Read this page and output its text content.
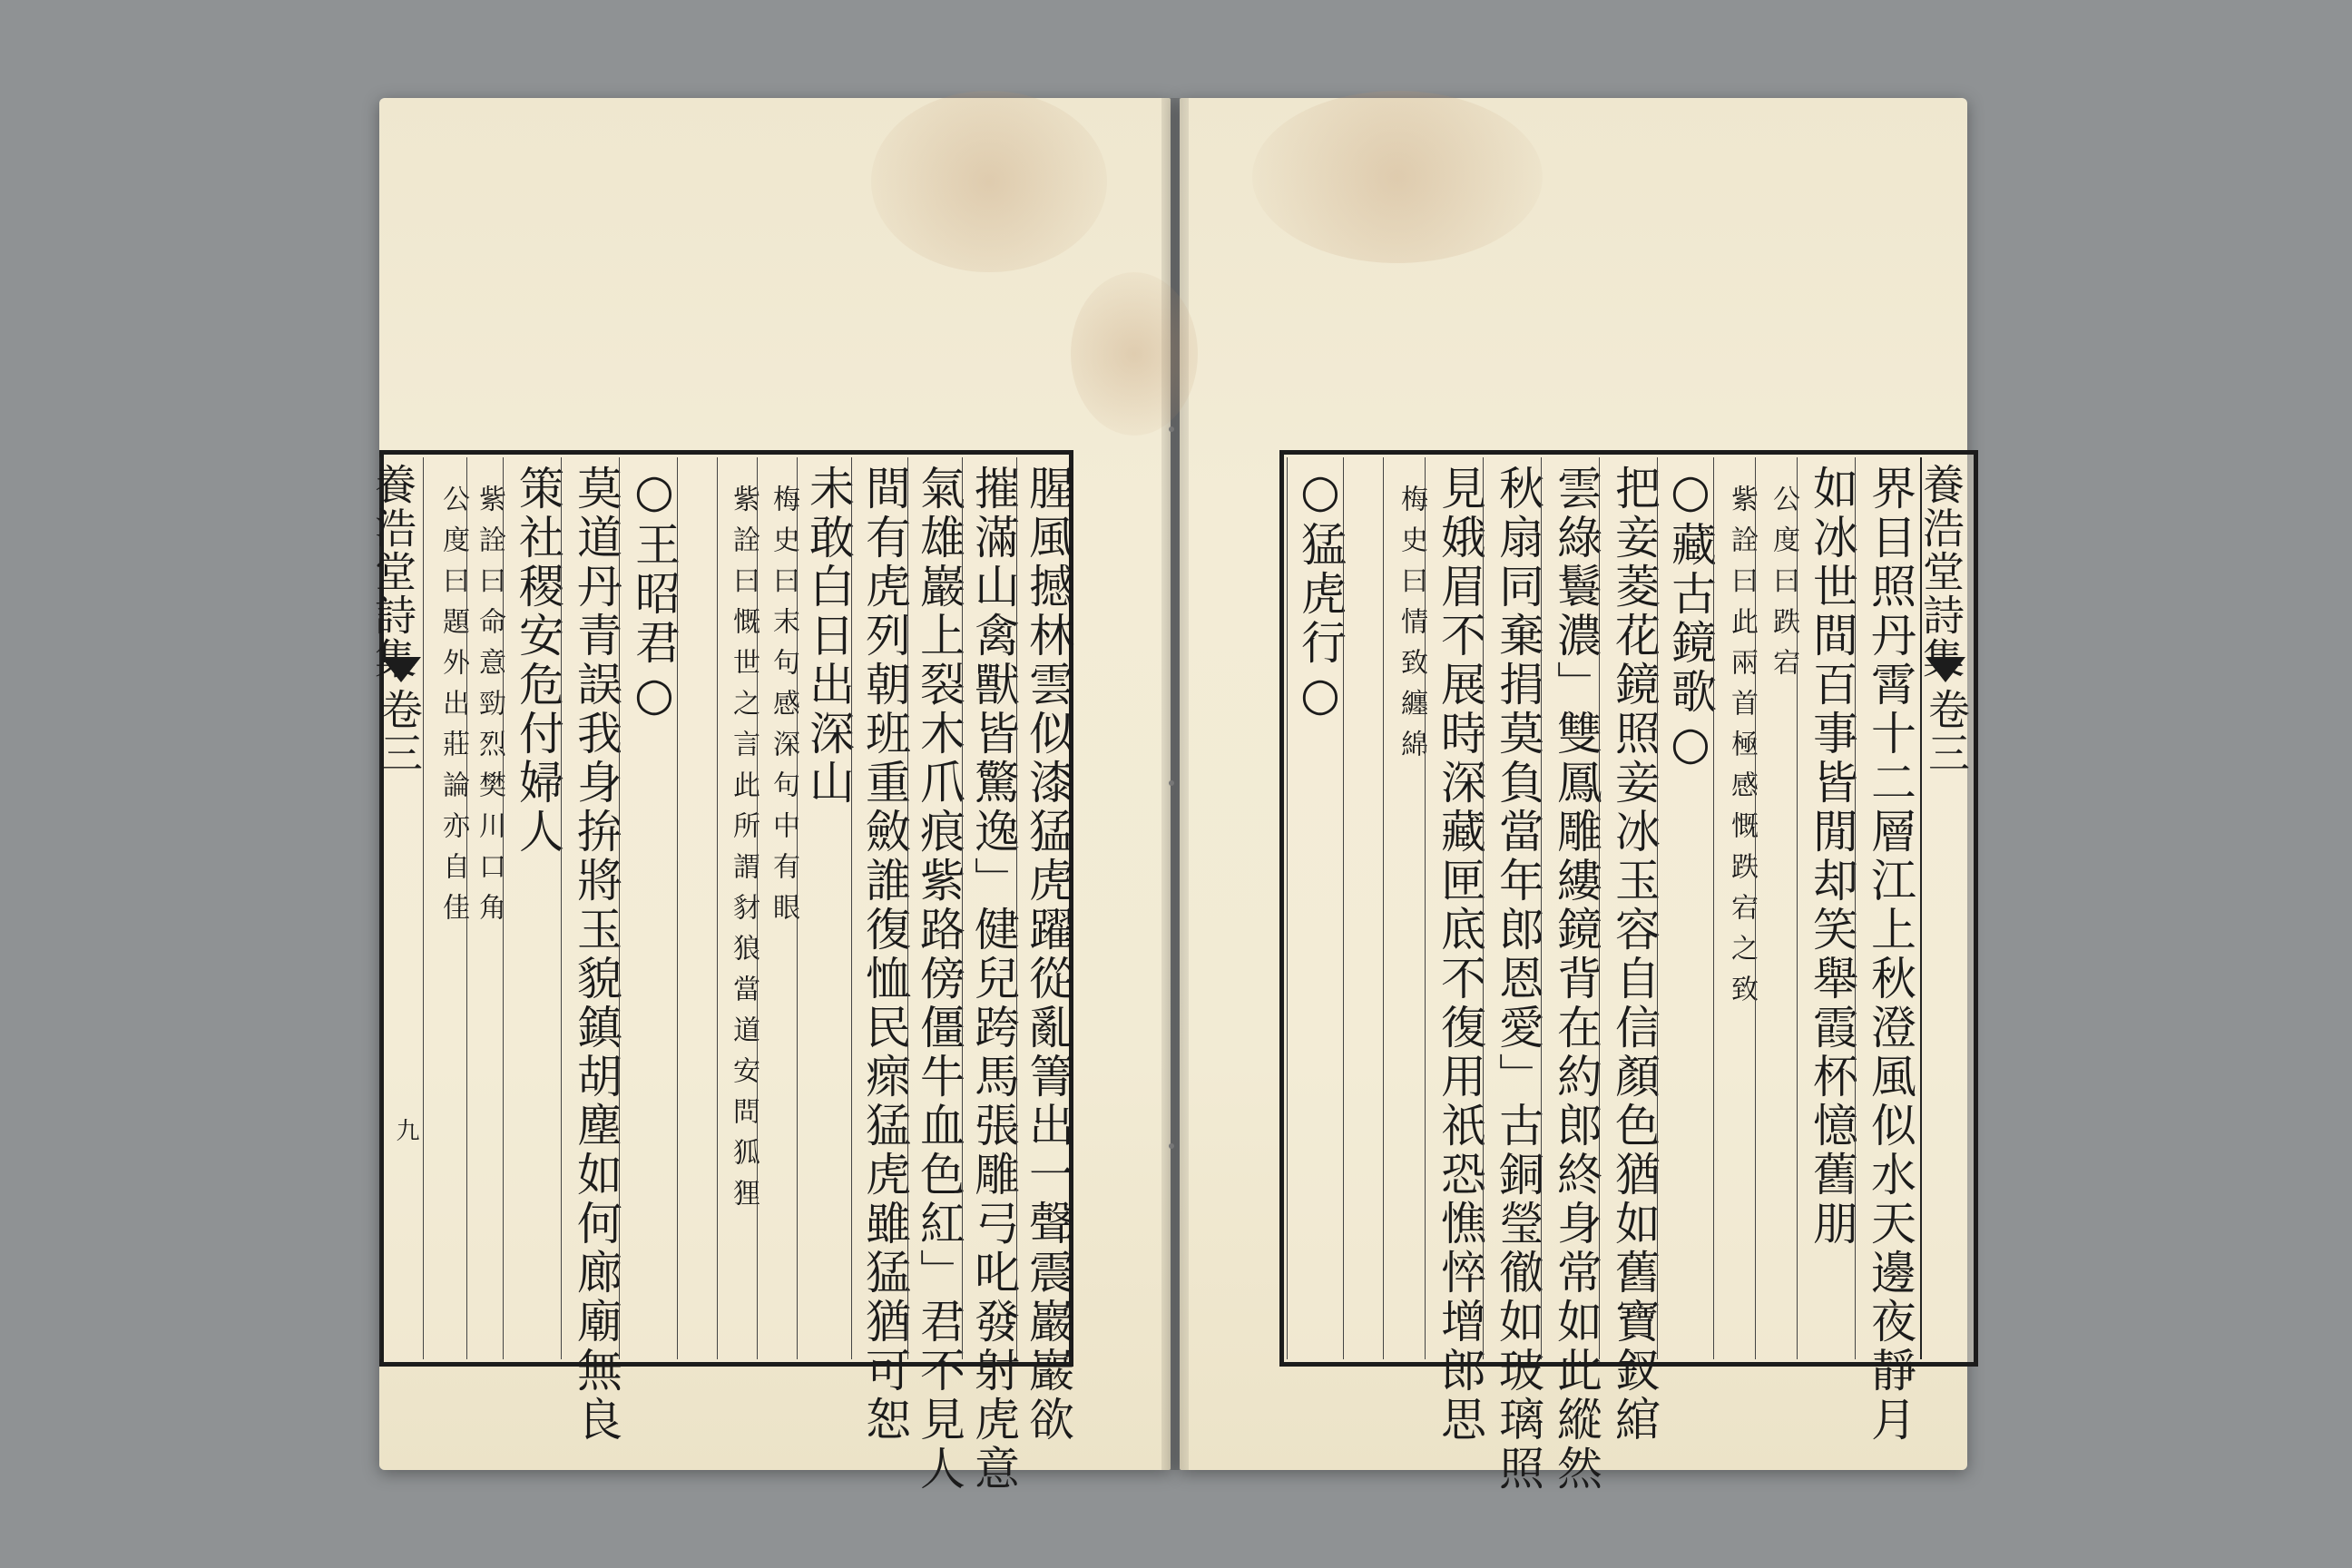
養浩堂詩集
卷三
九
公度曰題外出莊論亦自佳 紫詮曰命意勁烈樊川口角 策社稷安危付婦人 莫道丹青誤我身拚將玉貌鎮胡塵如何廊廟無良 ○王昭君○	紫詮曰慨世之言此所謂豺狼當道安問狐狸 梅史曰末句感深句中有眼 未敢白日出深山 間有虎列朝班重斂誰復恤民瘝猛虎雖猛猶可恕 氣雄巖上裂木爪痕紫路傍僵牛血色紅」君不見人 摧滿山禽獸皆驚逸」健兒跨馬張雕弓叱發射虎意 腥風撼林雲似漆猛虎躍從亂箐出一聲震巖巖欲	○猛虎行○	梅史曰情致纏綿 見娥眉不展時深藏匣底不復用祇恐憔悴增郎思 秋扇同棄捐莫負當年郎恩愛」古銅瑩徹如玻璃照 雲綠鬟濃」雙鳳雕縷鏡背在約郎終身常如此縱然 把妾菱花鏡照妾冰玉容自信顏色猶如舊寶釵綰 ○藏古鏡歌○ 紫詮曰此兩首極感慨跌宕之致 公度曰跌宕 如冰世間百事皆閒却笑舉霞杯憶舊朋 界目照丹霄十二層江上秋澄風似水天邊夜靜月 養浩堂詩集
卷三
